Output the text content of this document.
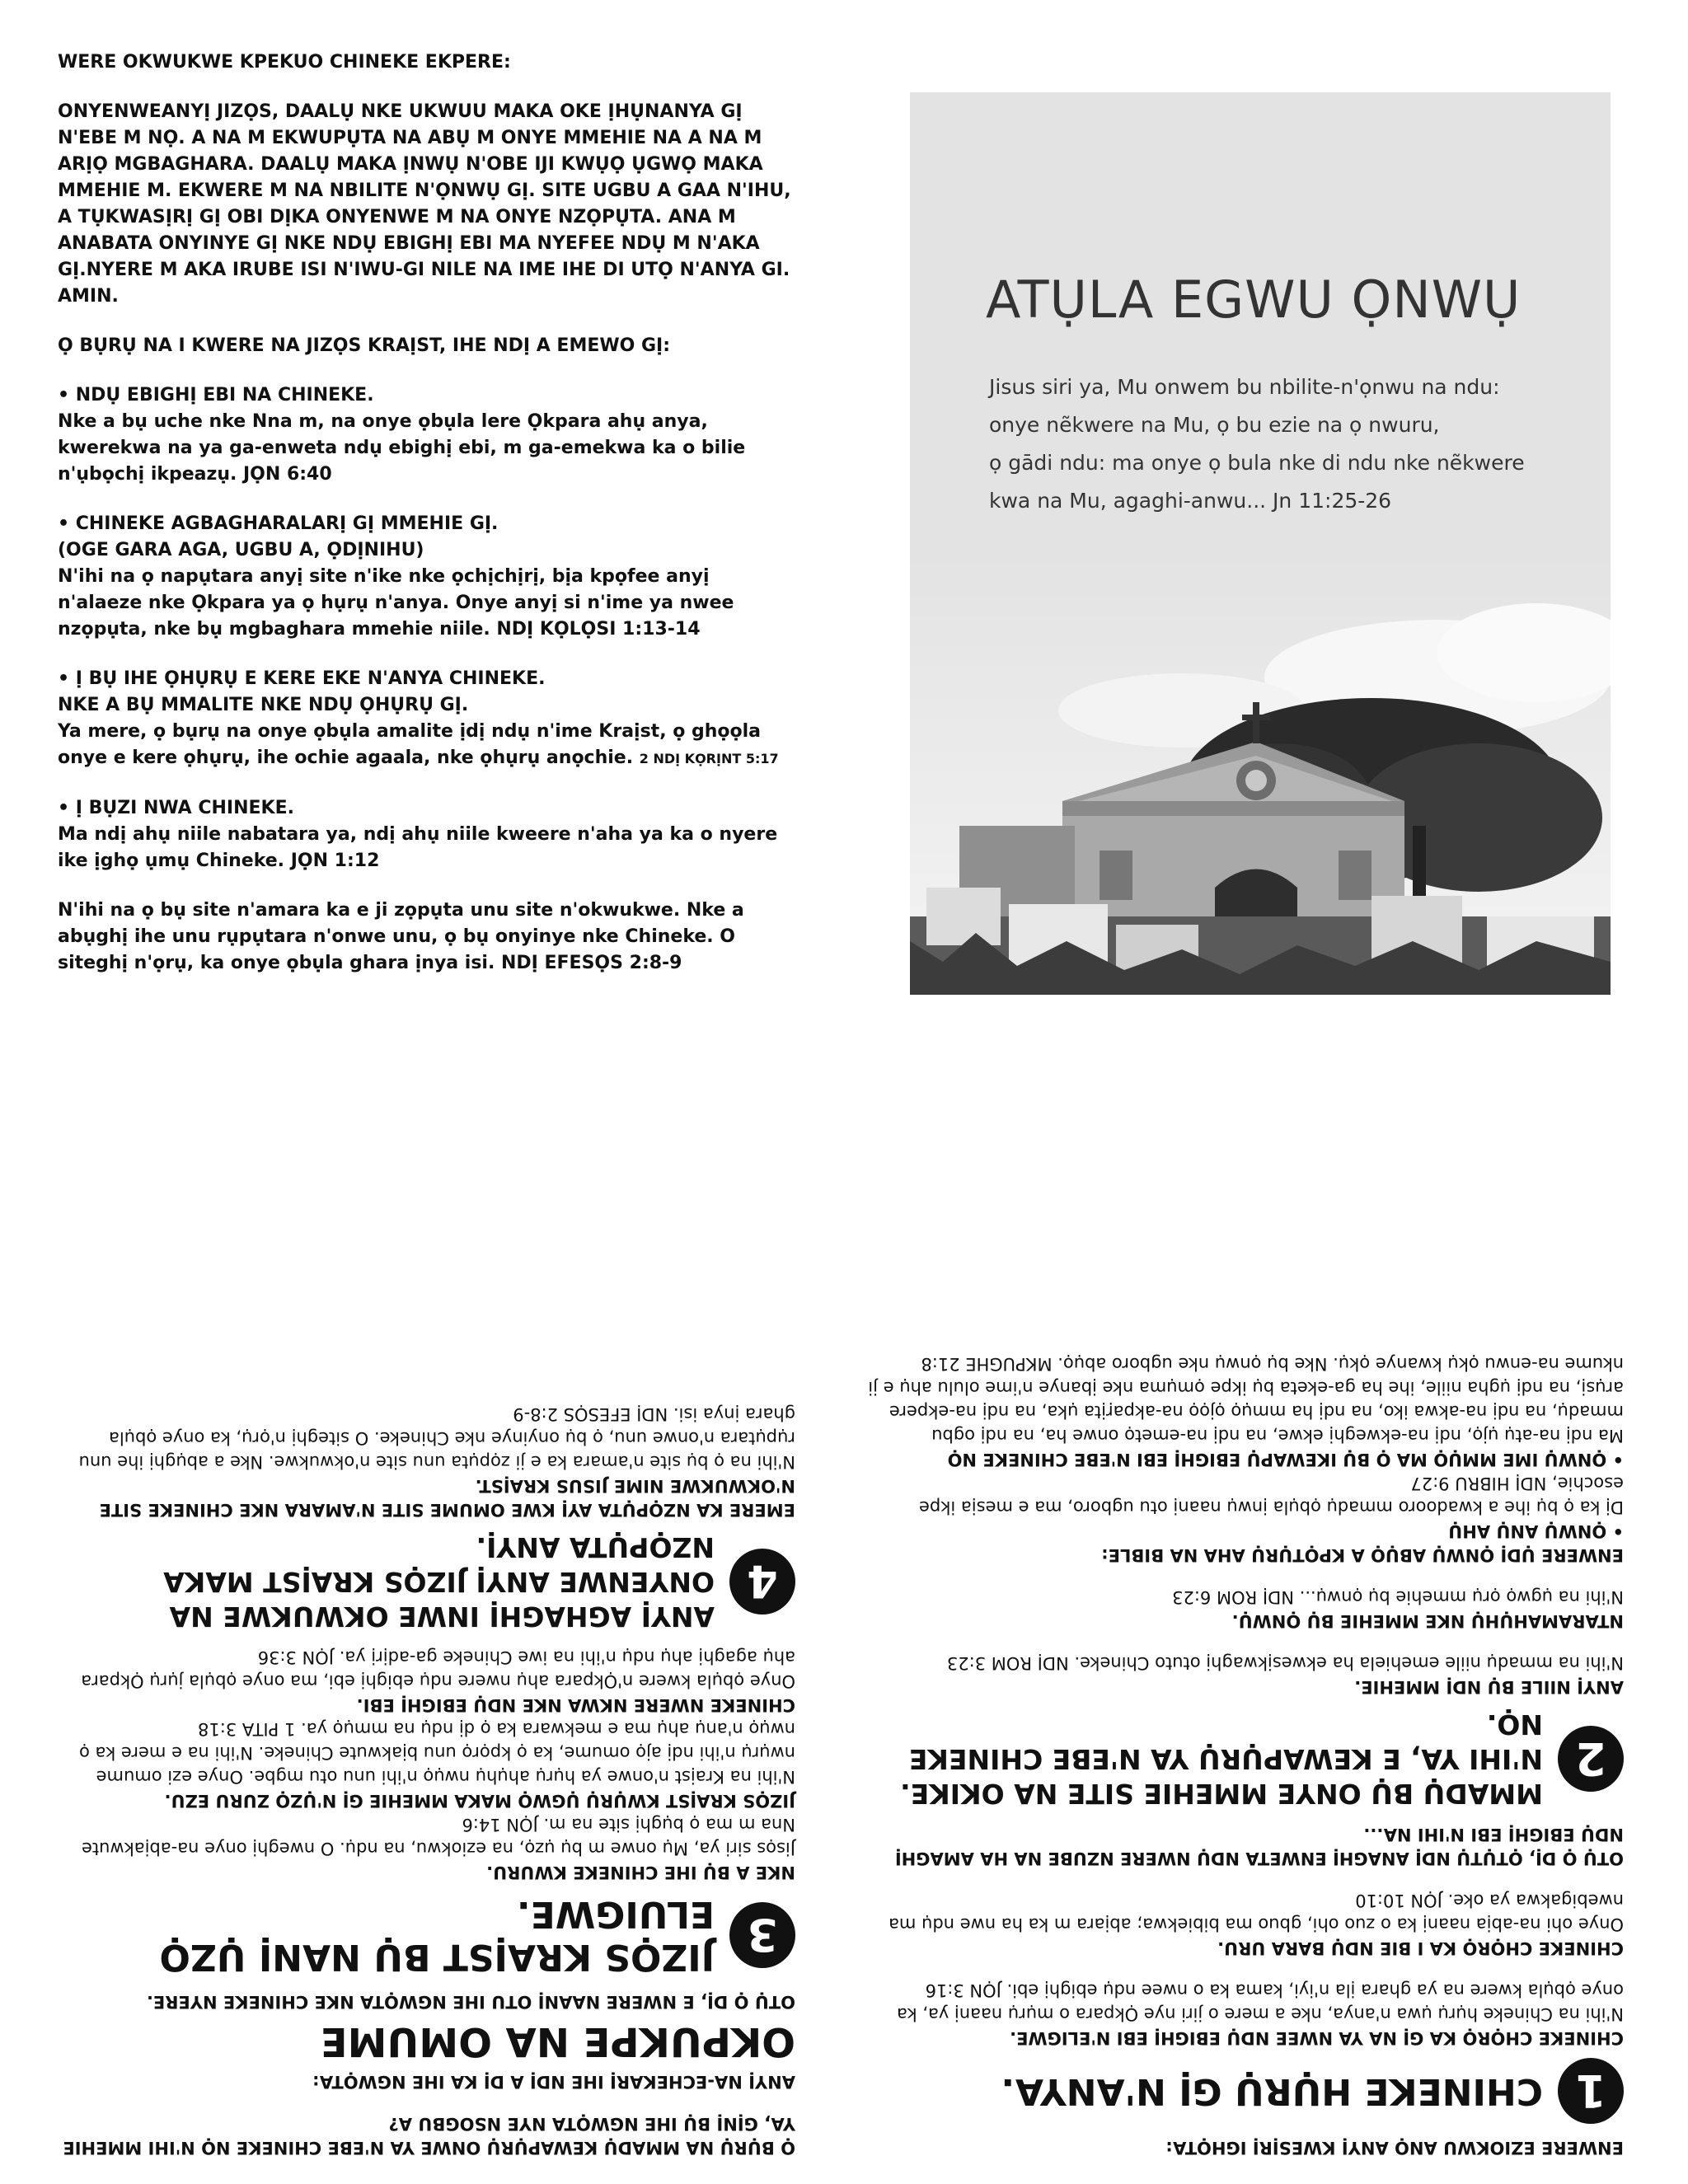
WERE OKWUKWE KPEKUO CHINEKE EKPERE:

ONYENWEANYỊ JIZỌS, DAALỤ NKE UKWUU MAKA OKE ỊHỤNANYA GỊ N'EBE M NỌ. A NA M EKWUPỤTA NA ABỤ M ONYE MMEHIE NA A NA M ARỊỌ MGBAGHARA. DAALỤ MAKA ỊNWỤ N'OBE IJI KWỤỌ ỤGWỌ MAKA MMEHIE M. EKWERE M NA NBILITE N'ỌNWỤ GỊ. SITE UGBU A GAA N'IHU, A TỤKWASỊRỊ GỊ OBI DỊKA ONYENWE M NA ONYE NZỌPỤTA. ANA M ANABATA ONYINYE GỊ NKE NDỤ EBIGHỊ EBI MA NYEFEE NDỤ M N'AKA GỊ.NYERE M AKA IRUBE ISI N'IWU-GI NILE NA IME IHE DI UTỌ N'ANYA GI. AMIN.

Ọ BỤRỤ NA I KWERE NA JIZỌS KRAỊST, IHE NDỊ A EMEWO GỊ:

• NDỤ EBIGHỊ EBI NA CHINEKE.
Nke a bụ uche nke Nna m, na onye ọbụla lere Ọkpara ahụ anya, kwerekwa na ya ga-enweta ndụ ebighị ebi, m ga-emekwa ka o bilie n'ụbọchị ikpeazụ. JỌN 6:40

• CHINEKE AGBAGHARALARỊ GỊ MMEHIE GỊ.
(OGE GARA AGA, UGBU A, ỌDỊNIHU)
N'ihi na ọ napụtara anyị site n'ike nke ọchịchịrị, bịa kpọfee anyị n'alaeze nke Ọkpara ya ọ hụrụ n'anya. Onye anyị si n'ime ya nwee nzọpụta, nke bụ mgbaghara mmehie niile. NDỊ KỌLỌSI 1:13-14

• Ị BỤ IHE ỌHỤRỤ E KERE EKE N'ANYA CHINEKE.
NKE A BỤ MMALITE NKE NDỤ ỌHỤRỤ GỊ.
Ya mere, ọ bụrụ na onye ọbụla amalite ịdị ndụ n'ime Kraịst, ọ ghọọla onye e kere ọhụrụ, ihe ochie agaala, nke ọhụrụ anọchie. 2 NDỊ KỌRỊNT 5:17

• Ị BỤZI NWA CHINEKE.
Ma ndị ahụ niile nabatara ya, ndị ahụ niile kweere n'aha ya ka o nyere ike ịghọ ụmụ Chineke. JỌN 1:12

N'ihi na ọ bụ site n'amara ka e ji zọpụta unu site n'okwukwe. Nke a abụghị ihe unu rụpụtara n'onwe unu, ọ bụ onyinye nke Chineke. O siteghị n'ọrụ, ka onye ọbụla ghara ịnya isi. NDỊ EFESỌS 2:8-9

ATỤLA EGWU ỌNWỤ
Jisus siri ya, Mu onwem bu nbilite-n'ọnwu na ndu:
onye nẽkwere na Mu, ọ bu ezie na ọ nwuru,
ọ gādi ndu: ma onye ọ bula nke di ndu nke nẽkwere
kwa na Mu, agaghi-anwu... Jn 11:25-26

ENWERE EZIOKWU ANỌ ANYỊ KWESỊRỊ IGHỌTA:

1
CHINEKE HỤRỤ GỊ N'ANYA.

CHINEKE CHỌRỌ KA GỊ NA YA NWEE NDỤ EBIGHỊ EBI N'ELIGWE.

N'ihi na Chineke hụrụ ụwa n'anya, nke a mere o jiri nye Ọkpara o mụrụ naanị ya, ka onye ọbụla kwere na ya ghara ịla n'iyi, kama ka o nwee ndụ ebighị ebi. JỌN 3:16

CHINEKE CHỌRỌ KA I BIE NDỤ BARA URU.

Onye ohi na-abịa naanị ka o zuo ohi, gbuo ma bibiekwa; abịara m ka ha nwe ndụ ma nwebigakwa ya oke. JỌN 10:10

OTỤ Ọ DỊ, ỌTỤTỤ NDỊ ANAGHỊ ENWETA NDỤ NWERE NZUBE NA HA AMAGHỊ NDỤ EBIGHỊ EBI N'IHI NA...

2
MMADỤ BỤ ONYE MMEHIE SITE NA OKIKE. N'IHI YA, E KEWAPỤRỤ YA N'EBE CHINEKE NỌ.

ANYỊ NIILE BỤ NDỊ MMEHIE.

N'ihi na mmadụ niile emehiela ha ekwesịkwaghị otuto Chineke. NDỊ ROM 3:23

NTARAMAHỤHỤ NKE MMEHIE BỤ ỌNWỤ.

N'ihi na ụgwọ ọrụ mmehie bụ ọnwụ... NDỊ ROM 6:23

ENWERE ỤDỊ ỌNWỤ ABỤỌ A KPỌTỤRỤ AHA NA BIBLE:

• ỌNWỤ ANỤ AHỤ

Dị ka ọ bụ ihe a kwadooro mmadụ ọbụla ịnwụ naanị otu ugboro, ma e mesịa ikpe esochie, NDỊ HIBRU 9:27

• ỌNWỤ IME MMỤỌ MA Ọ BỤ IKEWAPỤ EBIGHỊ EBI N'EBE CHINEKE NỌ

Ma ndị na-atụ ụjọ, ndị na-ekweghị ekwe, na ndị na-emetọ onwe ha, na ndị ogbu mmadụ, na ndị na-akwa iko, na ndị ha mmụọ ọjọọ na-akpaṛịta ụka, na ndị na-ekpere arụsị, na ndị ụgha niile, ihe ha ga-eketa bụ ikpe ọmụma nke ịbanye n'ime olulu ahụ e ji nkume na-enwu ọkụ kwanye ọkụ. Nke bụ ọnwụ nke ugboro abụọ. MKPUGHE 21:8

Ọ BỤRỤ NA MMADỤ KEWAPỤRỤ ONWE YA N'EBE CHINEKE NỌ N'IHI MMEHIE YA, GỊNỊ BỤ IHE NGWỌTA NYE NSOGBU A?

ANYỊ NA-ECHEKARỊ IHE NDỊ A DỊ KA IHE NGWỌTA:

OKPUKPE NA OMUME

OTỤ Ọ DỊ, E NWERE NAANỊ OTU IHE NGWỌTA NKE CHINEKE NYERE.

3
JIZỌS KRAỊST BỤ NANỊ ỤZỌ ELUIGWE.

NKE A BỤ IHE CHINEKE KWURU.

Jisọs siri ya, Mụ onwe m bụ ụzọ, na eziokwu, na ndụ. O nweghị onye na-abịakwute Nna m ma ọ bụghị site na m. JỌN 14:6

JIZỌS KRAỊST KWỤRỤ ỤGWỌ MAKA MMEHIE GỊ N'ỤZỌ ZURU EZU.

N'ihi na Kraịst n'onwe ya hụrụ ahụhụ nwụọ n'ihi unu otu mgbe. Onye ezi omume nwụrụ n'ihi ndị ajọ omume, ka ọ kpọrọ unu bịakwute Chineke. N'ihi na e mere ka ọ nwụọ n'anụ ahụ ma e mekwara ka ọ dị ndụ na mmụọ ya. 1 PITA 3:18

CHINEKE NWERE NKWA NKE NDỤ EBIGHỊ EBI.

Onye ọbụla kwere n'Ọkpara ahụ nwere ndụ ebighị ebi, ma onye ọbụla jụrụ Ọkpara ahụ agaghị ahụ ndụ n'ihi na iwe Chineke ga-adịrị ya. JỌN 3:36

4
ANYỊ AGHAGHỊ INWE OKWUKWE NA ONYENWE ANYỊ JIZỌS KRAỊST MAKA NZỌPỤTA ANYỊ.

EMERE KA NZỌPỤTA AYỊ KWE OMUME SITE N'AMARA NKE CHINEKE SITE N'OKWUKWE NIME JISUS KRAỊST.

N'ihi na ọ bụ site n'amara ka e ji zọpụta unu site n'okwukwe. Nke a abụghị ihe unu rụpụtara n'onwe unu, ọ bụ onyinye nke Chineke. O siteghị n'ọrụ, ka onye ọbụla ghara ịnya isi. NDỊ EFESỌS 2:8-9
